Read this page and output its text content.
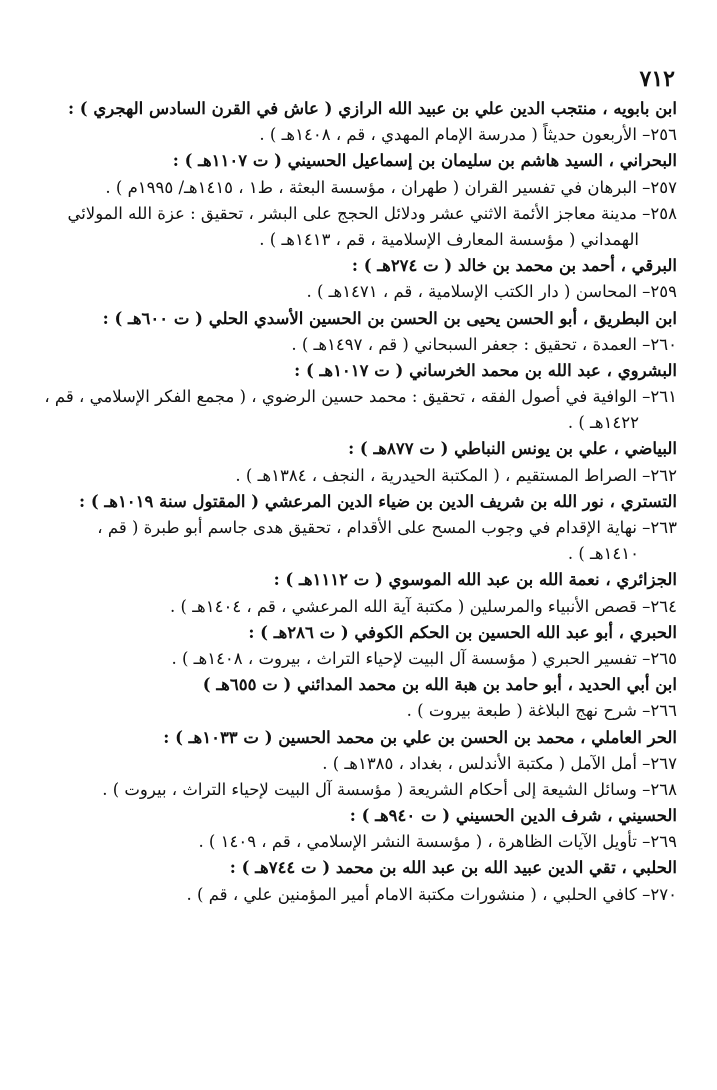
٧١٢
ابن بابويه ، منتجب الدين علي بن عبيد الله الرازي ( عاش في القرن السادس الهجري ) :
٢٥٦– الأربعون حديثاً ( مدرسة الإمام المهدي ، قم ، ١٤٠٨هـ ) .
البحراني ، السيد هاشم بن سليمان بن إسماعيل الحسيني ( ت ١١٠٧هـ ) :
٢٥٧– البرهان في تفسير القران ( طهران ، مؤسسة البعثة ، ط١ ، ١٤١٥هـ/ ١٩٩٥م ) .
٢٥٨– مدينة معاجز الأئمة الاثني عشر ودلائل الحجج على البشر ، تحقيق : عزة الله المولائي
الهمداني ( مؤسسة المعارف الإسلامية ، قم ، ١٤١٣هـ ) .
البرقي ، أحمد بن محمد بن خالد ( ت ٢٧٤هـ ) :
٢٥٩– المحاسن ( دار الكتب الإسلامية ، قم ، ١٤٧١هـ ) .
ابن البطريق ، أبو الحسن يحيى بن الحسن بن الحسين الأسدي الحلي ( ت ٦٠٠هـ ) :
٢٦٠– العمدة ، تحقيق : جعفر السبحاني ( قم ، ١٤٩٧هـ ) .
البشروي ، عبد الله بن محمد الخرساني ( ت ١٠١٧هـ ) :
٢٦١– الوافية في أصول الفقه ، تحقيق : محمد حسين الرضوي ، ( مجمع الفكر الإسلامي ، قم ،
١٤٢٢هـ ) .
البياضي ، علي بن يونس النباطي ( ت ٨٧٧هـ ) :
٢٦٢– الصراط المستقيم ، ( المكتبة الحيدرية ، النجف ، ١٣٨٤هـ ) .
التستري ، نور الله بن شريف الدين بن ضياء الدين المرعشي ( المقتول سنة ١٠١٩هـ ) :
٢٦٣– نهاية الإقدام في وجوب المسح على الأقدام ، تحقيق هدى جاسم أبو طبرة ( قم ،
١٤١٠هـ ) .
الجزائري ، نعمة الله بن عبد الله الموسوي ( ت ١١١٢هـ ) :
٢٦٤– قصص الأنبياء والمرسلين ( مكتبة آية الله المرعشي ، قم ، ١٤٠٤هـ ) .
الحبري ، أبو عبد الله الحسين بن الحكم الكوفي ( ت ٢٨٦هـ ) :
٢٦٥– تفسير الحبري ( مؤسسة آل البيت لإحياء التراث ، بيروت ، ١٤٠٨هـ ) .
ابن أبي الحديد ، أبو حامد بن هبة الله بن محمد المدائني ( ت ٦٥٥هـ )
٢٦٦– شرح نهج البلاغة ( طبعة بيروت ) .
الحر العاملي ، محمد بن الحسن بن علي بن محمد الحسين ( ت ١٠٣٣هـ ) :
٢٦٧– أمل الآمل ( مكتبة الأندلس ، بغداد ، ١٣٨٥هـ ) .
٢٦٨– وسائل الشيعة إلى أحكام الشريعة ( مؤسسة آل البيت لإحياء التراث ، بيروت ) .
الحسيني ، شرف الدين الحسيني ( ت ٩٤٠هـ ) :
٢٦٩– تأويل الآيات الظاهرة ، ( مؤسسة النشر الإسلامي ، قم ، ١٤٠٩ ) .
الحلبي ، تقي الدين عبيد الله بن عبد الله بن محمد ( ت ٧٤٤هـ ) :
٢٧٠– كافي الحلبي ، ( منشورات مكتبة الامام أمير المؤمنين علي ، قم ) .
